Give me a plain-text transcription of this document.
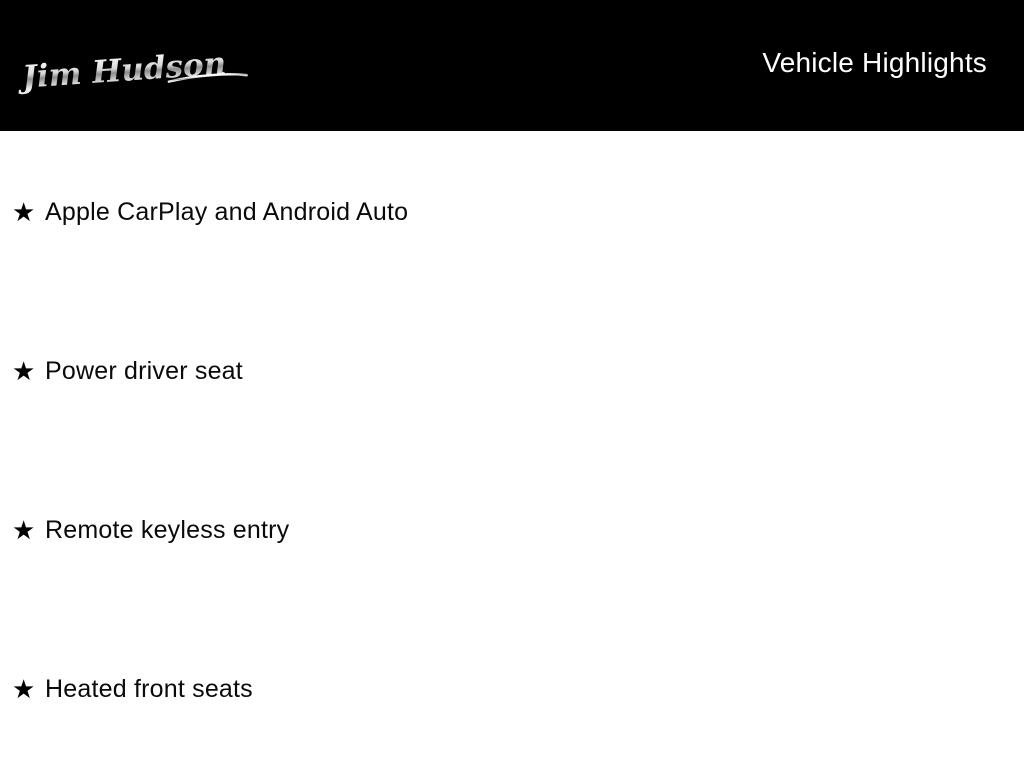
Jim Hudson	Vehicle Highlights
★ Apple CarPlay and Android Auto
★ Power driver seat
★ Remote keyless entry
★ Heated front seats
